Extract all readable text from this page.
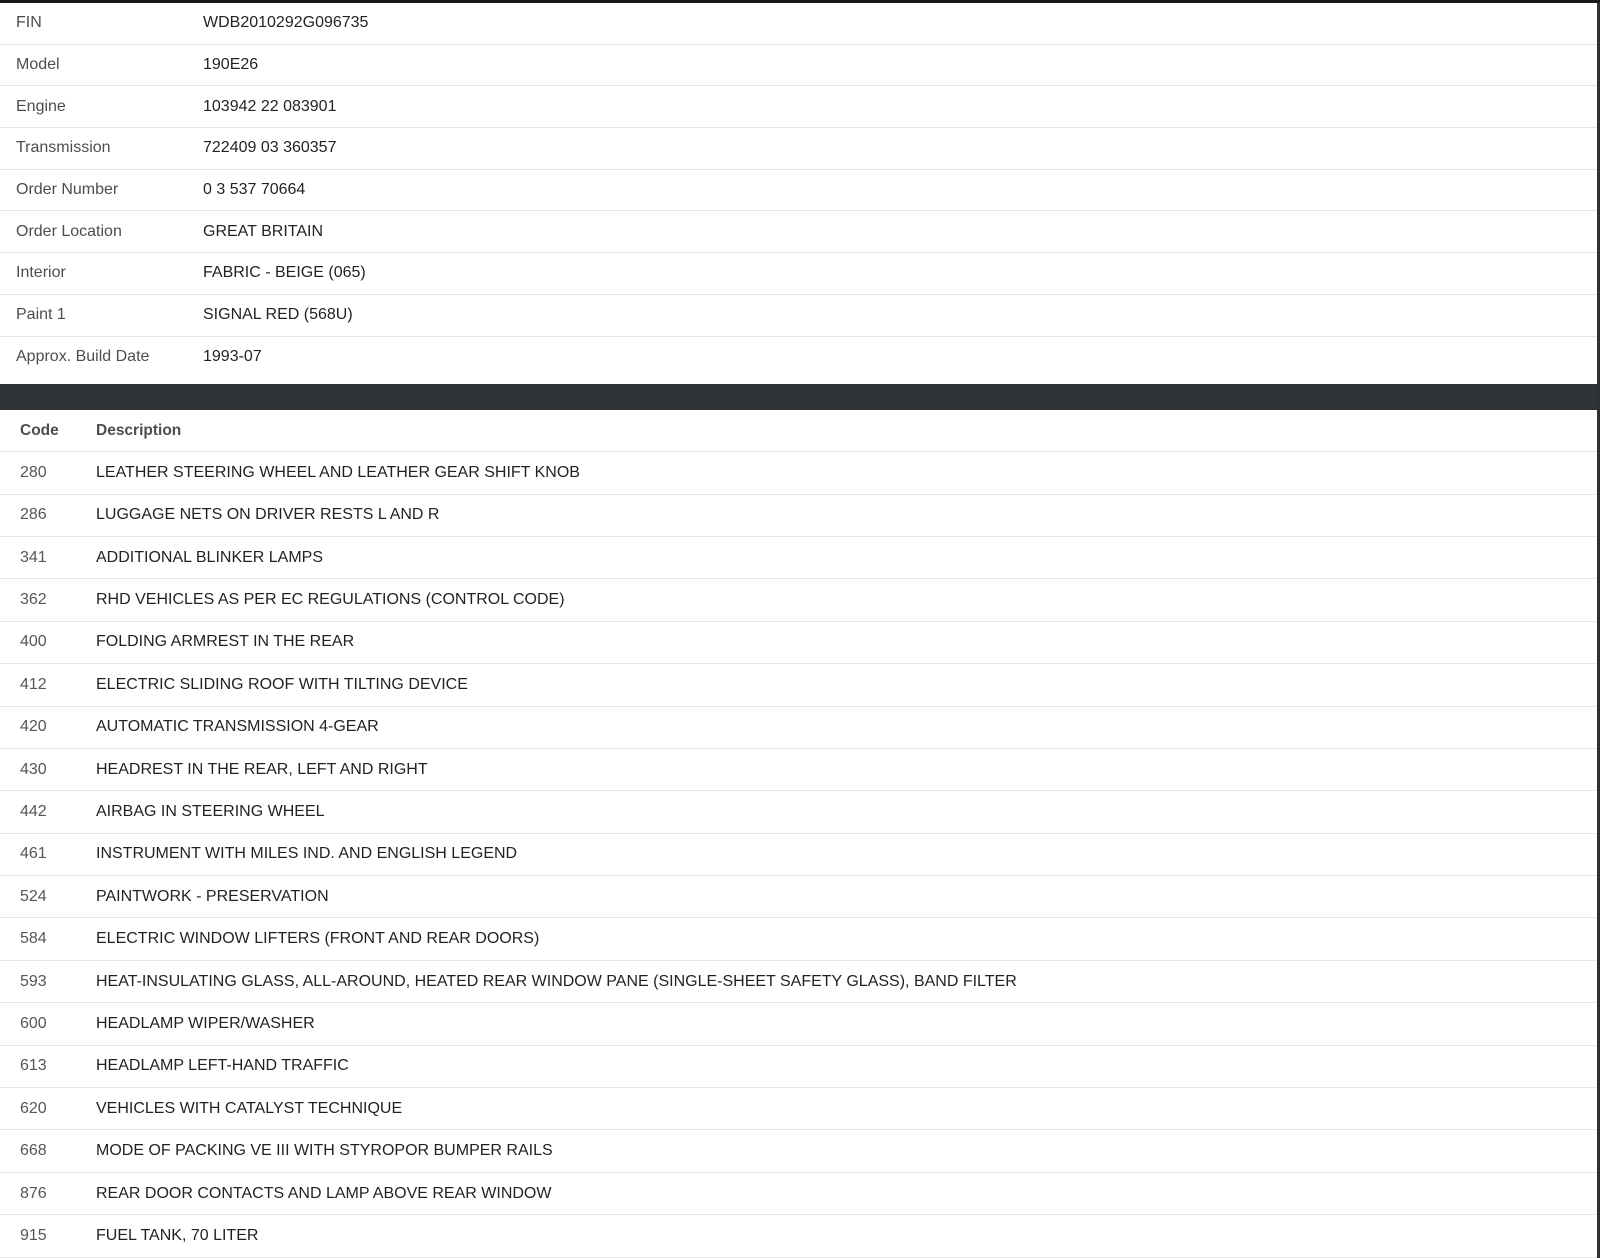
FIN	WDB2010292G096735
Model	190E26
Engine	103942 22 083901
Transmission	722409 03 360357
Order Number	0 3 537 70664
Order Location	GREAT BRITAIN
Interior	FABRIC - BEIGE (065)
Paint 1	SIGNAL RED (568U)
Approx. Build Date	1993-07
Code	Description
280	LEATHER STEERING WHEEL AND LEATHER GEAR SHIFT KNOB
286	LUGGAGE NETS ON DRIVER RESTS L AND R
341	ADDITIONAL BLINKER LAMPS
362	RHD VEHICLES AS PER EC REGULATIONS (CONTROL CODE)
400	FOLDING ARMREST IN THE REAR
412	ELECTRIC SLIDING ROOF WITH TILTING DEVICE
420	AUTOMATIC TRANSMISSION 4-GEAR
430	HEADREST IN THE REAR, LEFT AND RIGHT
442	AIRBAG IN STEERING WHEEL
461	INSTRUMENT WITH MILES IND. AND ENGLISH LEGEND
524	PAINTWORK - PRESERVATION
584	ELECTRIC WINDOW LIFTERS (FRONT AND REAR DOORS)
593	HEAT-INSULATING GLASS, ALL-AROUND, HEATED REAR WINDOW PANE (SINGLE-SHEET SAFETY GLASS), BAND FILTER
600	HEADLAMP WIPER/WASHER
613	HEADLAMP LEFT-HAND TRAFFIC
620	VEHICLES WITH CATALYST TECHNIQUE
668	MODE OF PACKING VE III WITH STYROPOR BUMPER RAILS
876	REAR DOOR CONTACTS AND LAMP ABOVE REAR WINDOW
915	FUEL TANK, 70 LITER
